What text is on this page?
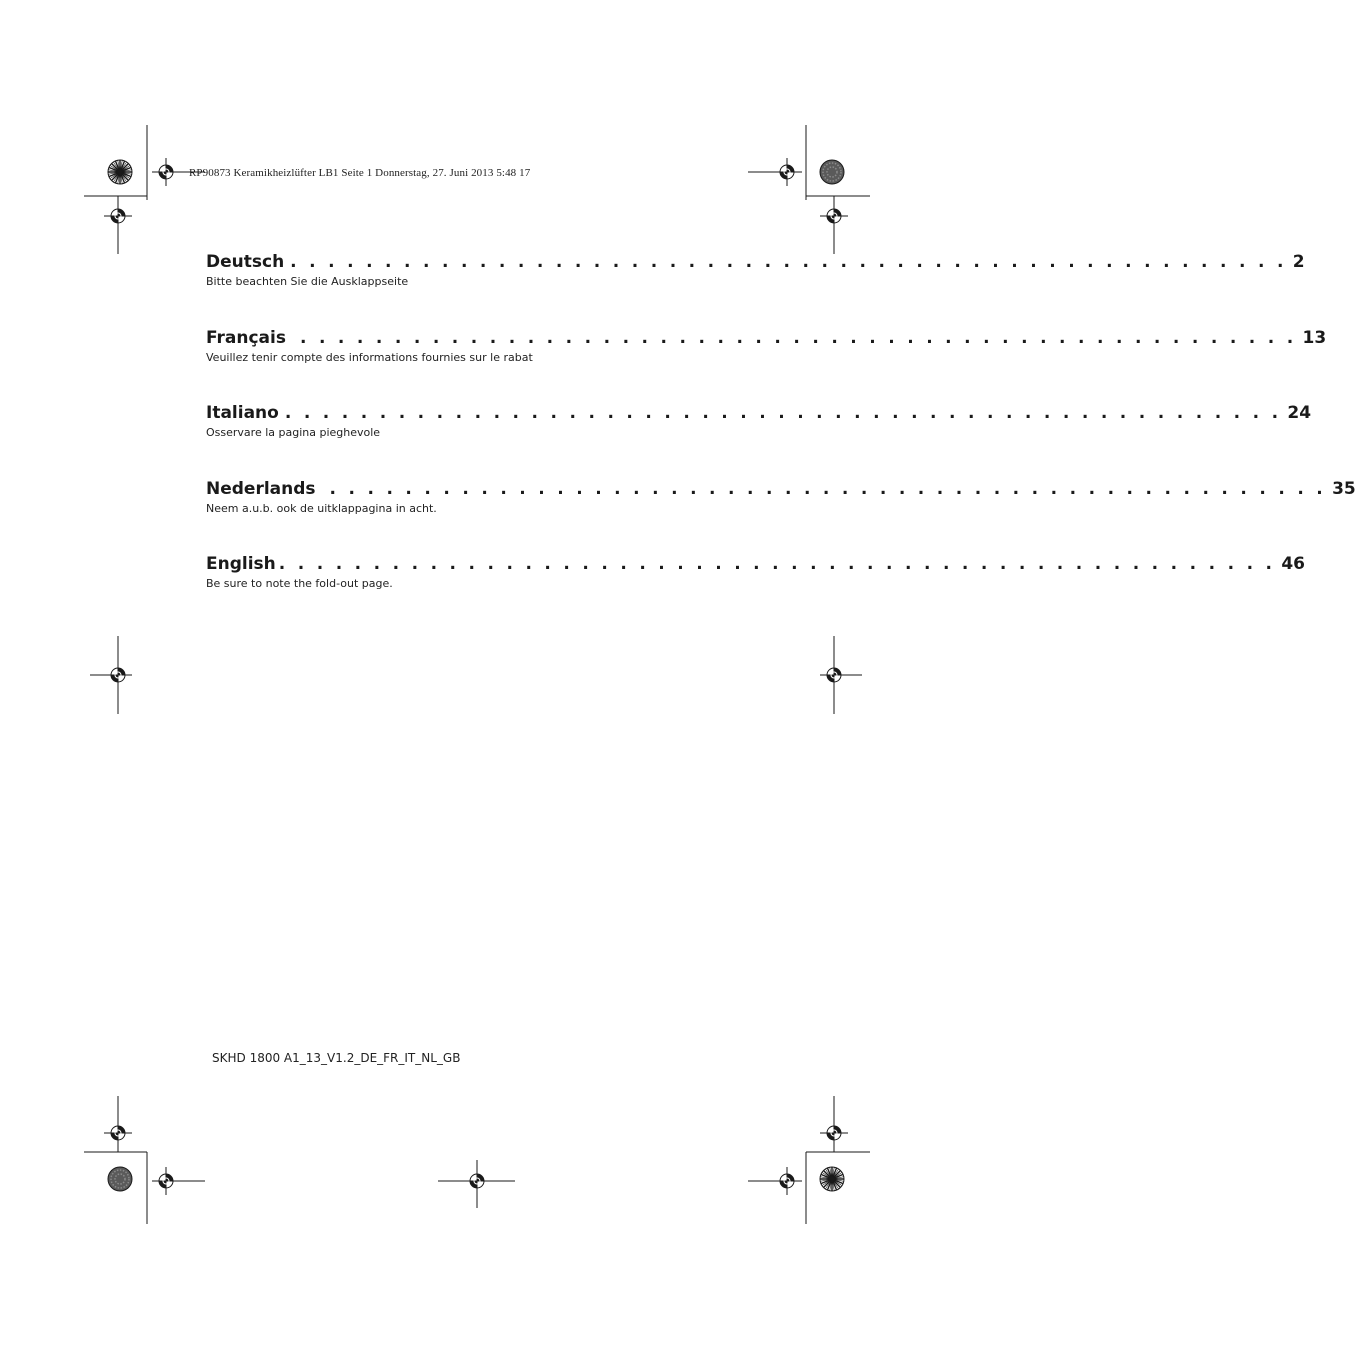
RP90873 Keramikheizlüfter LB1 Seite 1 Donnerstag, 27. Juni 2013 5:48 17
Deutsch . . . . . . . . . . . . . . . . . . . . . . . . . . . . . . . . . . . . . . . . . . . . . . . . . . . . . 2
Bitte beachten Sie die Ausklappseite
Français . . . . . . . . . . . . . . . . . . . . . . . . . . . . . . . . . . . . . . . . . . . . . . . . . . . . . 13
Veuillez tenir compte des informations fournies sur le rabat
Italiano . . . . . . . . . . . . . . . . . . . . . . . . . . . . . . . . . . . . . . . . . . . . . . . . . . . . . 24
Osservare la pagina pieghevole
Nederlands . . . . . . . . . . . . . . . . . . . . . . . . . . . . . . . . . . . . . . . . . . . . . . . . . . . . . 35
Neem a.u.b. ook de uitklappagina in acht.
English . . . . . . . . . . . . . . . . . . . . . . . . . . . . . . . . . . . . . . . . . . . . . . . . . . . . . 46
Be sure to note the fold-out page.
SKHD 1800 A1_13_V1.2_DE_FR_IT_NL_GB
